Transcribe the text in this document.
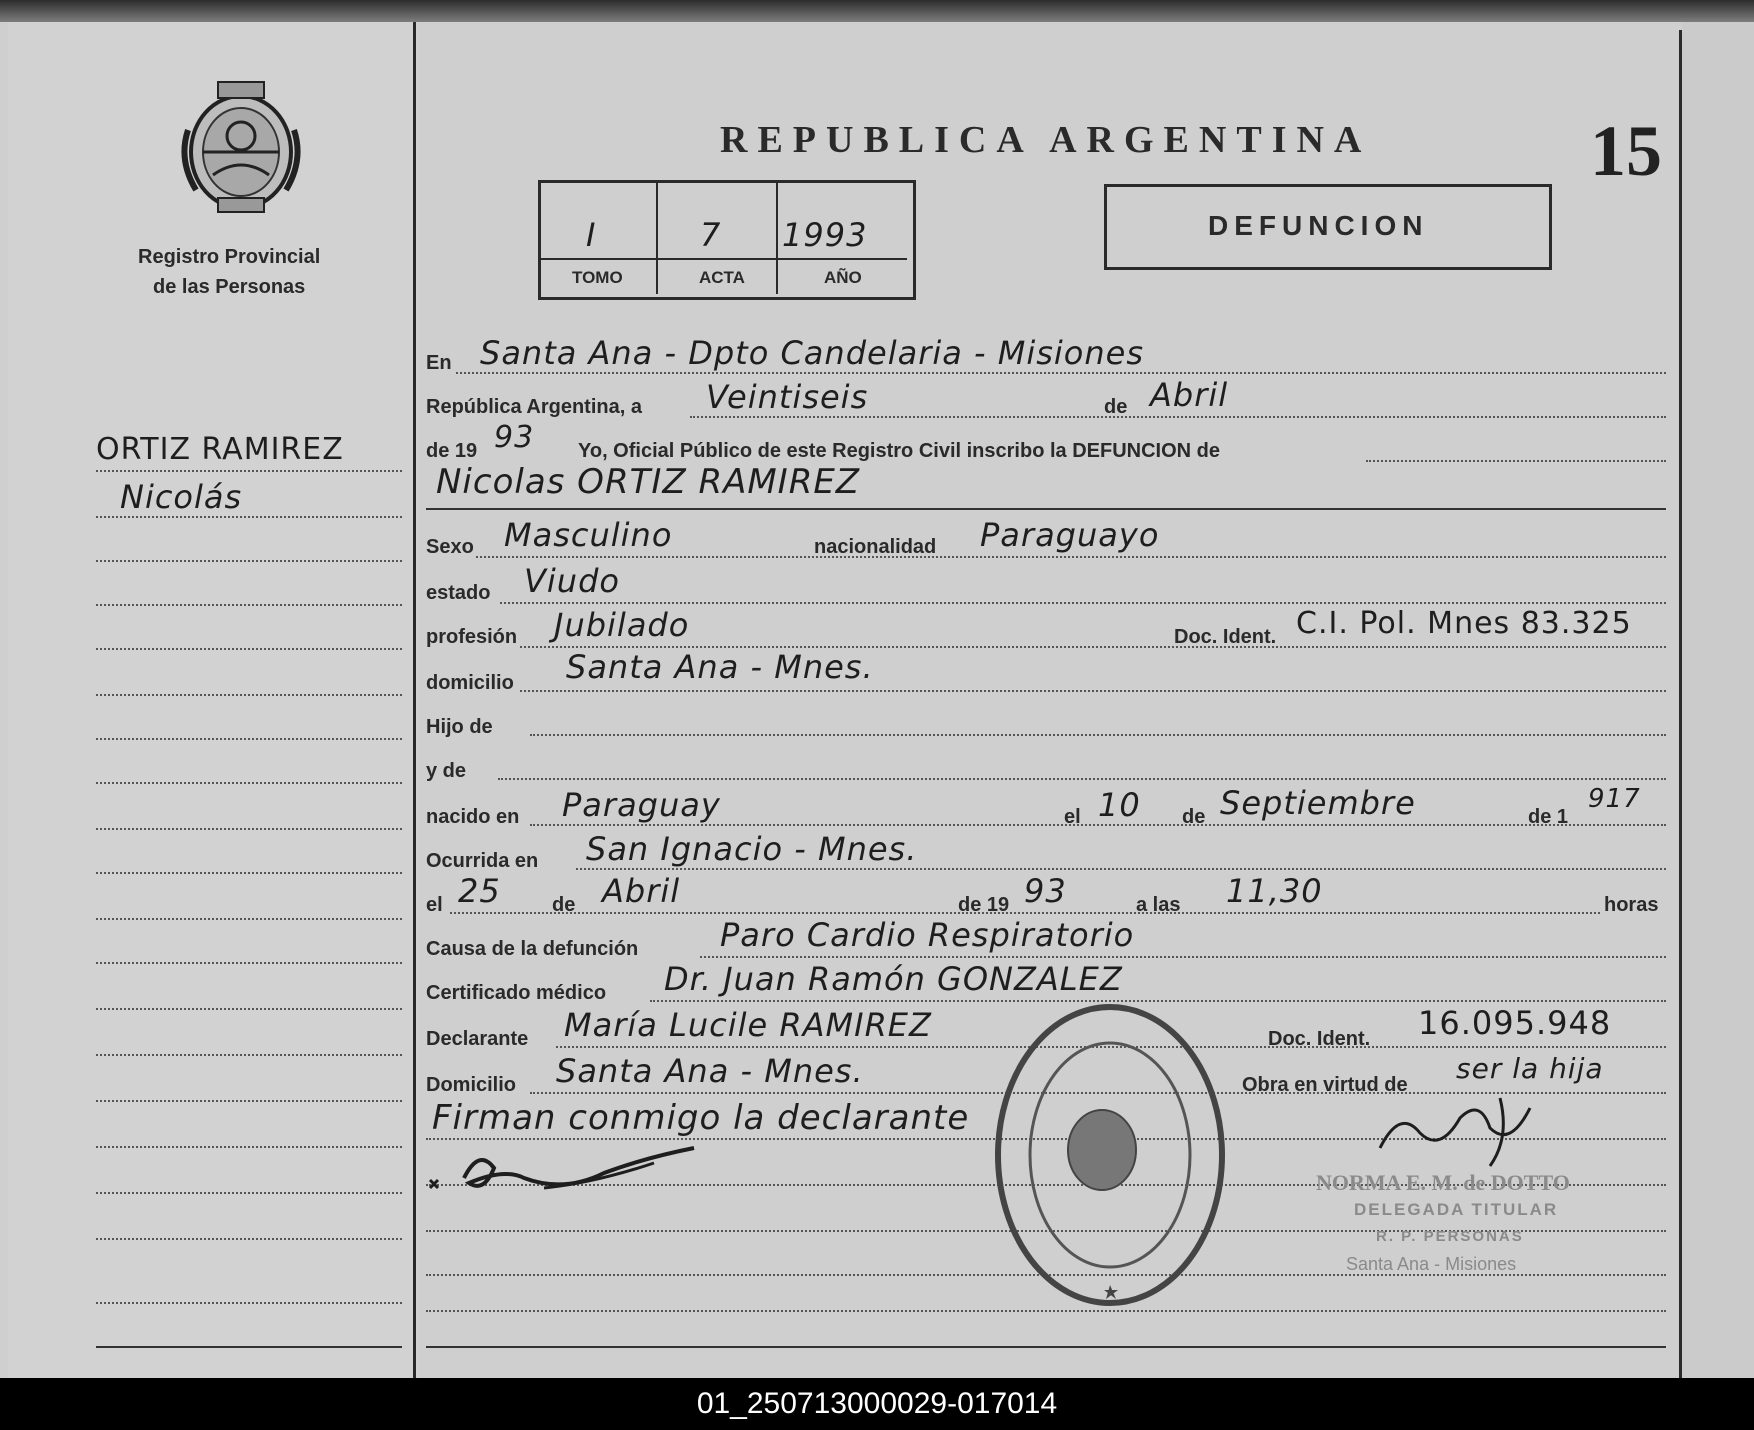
Registro Provincial
de las Personas
REPUBLICA ARGENTINA	15
I	7 1993
TOMO	ACTA	AÑO
DEFUNCION
ORTIZ RAMIREZ
Nicolás
En Santa Ana - Dpto Candelaria - Misiones
República Argentina, a Veintiseis	de Abril
de 19 93 Yo, Oficial Público de este Registro Civil inscribo la DEFUNCION de
Nicolas ORTIZ RAMIREZ
Sexo Masculino	nacionalidad Paraguayo
estado Viudo
profesión Jubilado	Doc. Ident. C.I. Pol. Mnes 83.325
domicilio Santa Ana - Mnes.
Hijo de
y de
nacido en Paraguay	el 10 de Septiembre	de 1
917
Ocurrida en San Ignacio - Mnes.
el 25	de Abril	de 19 93	a las 11,30	horas
Causa de la defunción	Paro Cardio Respiratorio
Certificado médico Dr. Juan Ramón GONZALEZ
Declarante María Lucile RAMIREZ	Doc. Ident. 16.095.948
Domicilio Santa Ana - Mnes.	Obra en virtud de ser la hija
Firman conmigo la declarante
NORMA E. M. de DOTTO
DELEGADA TITULAR
R. P. PERSONAS
Santa Ana - Misiones
01_250713000029-017014
